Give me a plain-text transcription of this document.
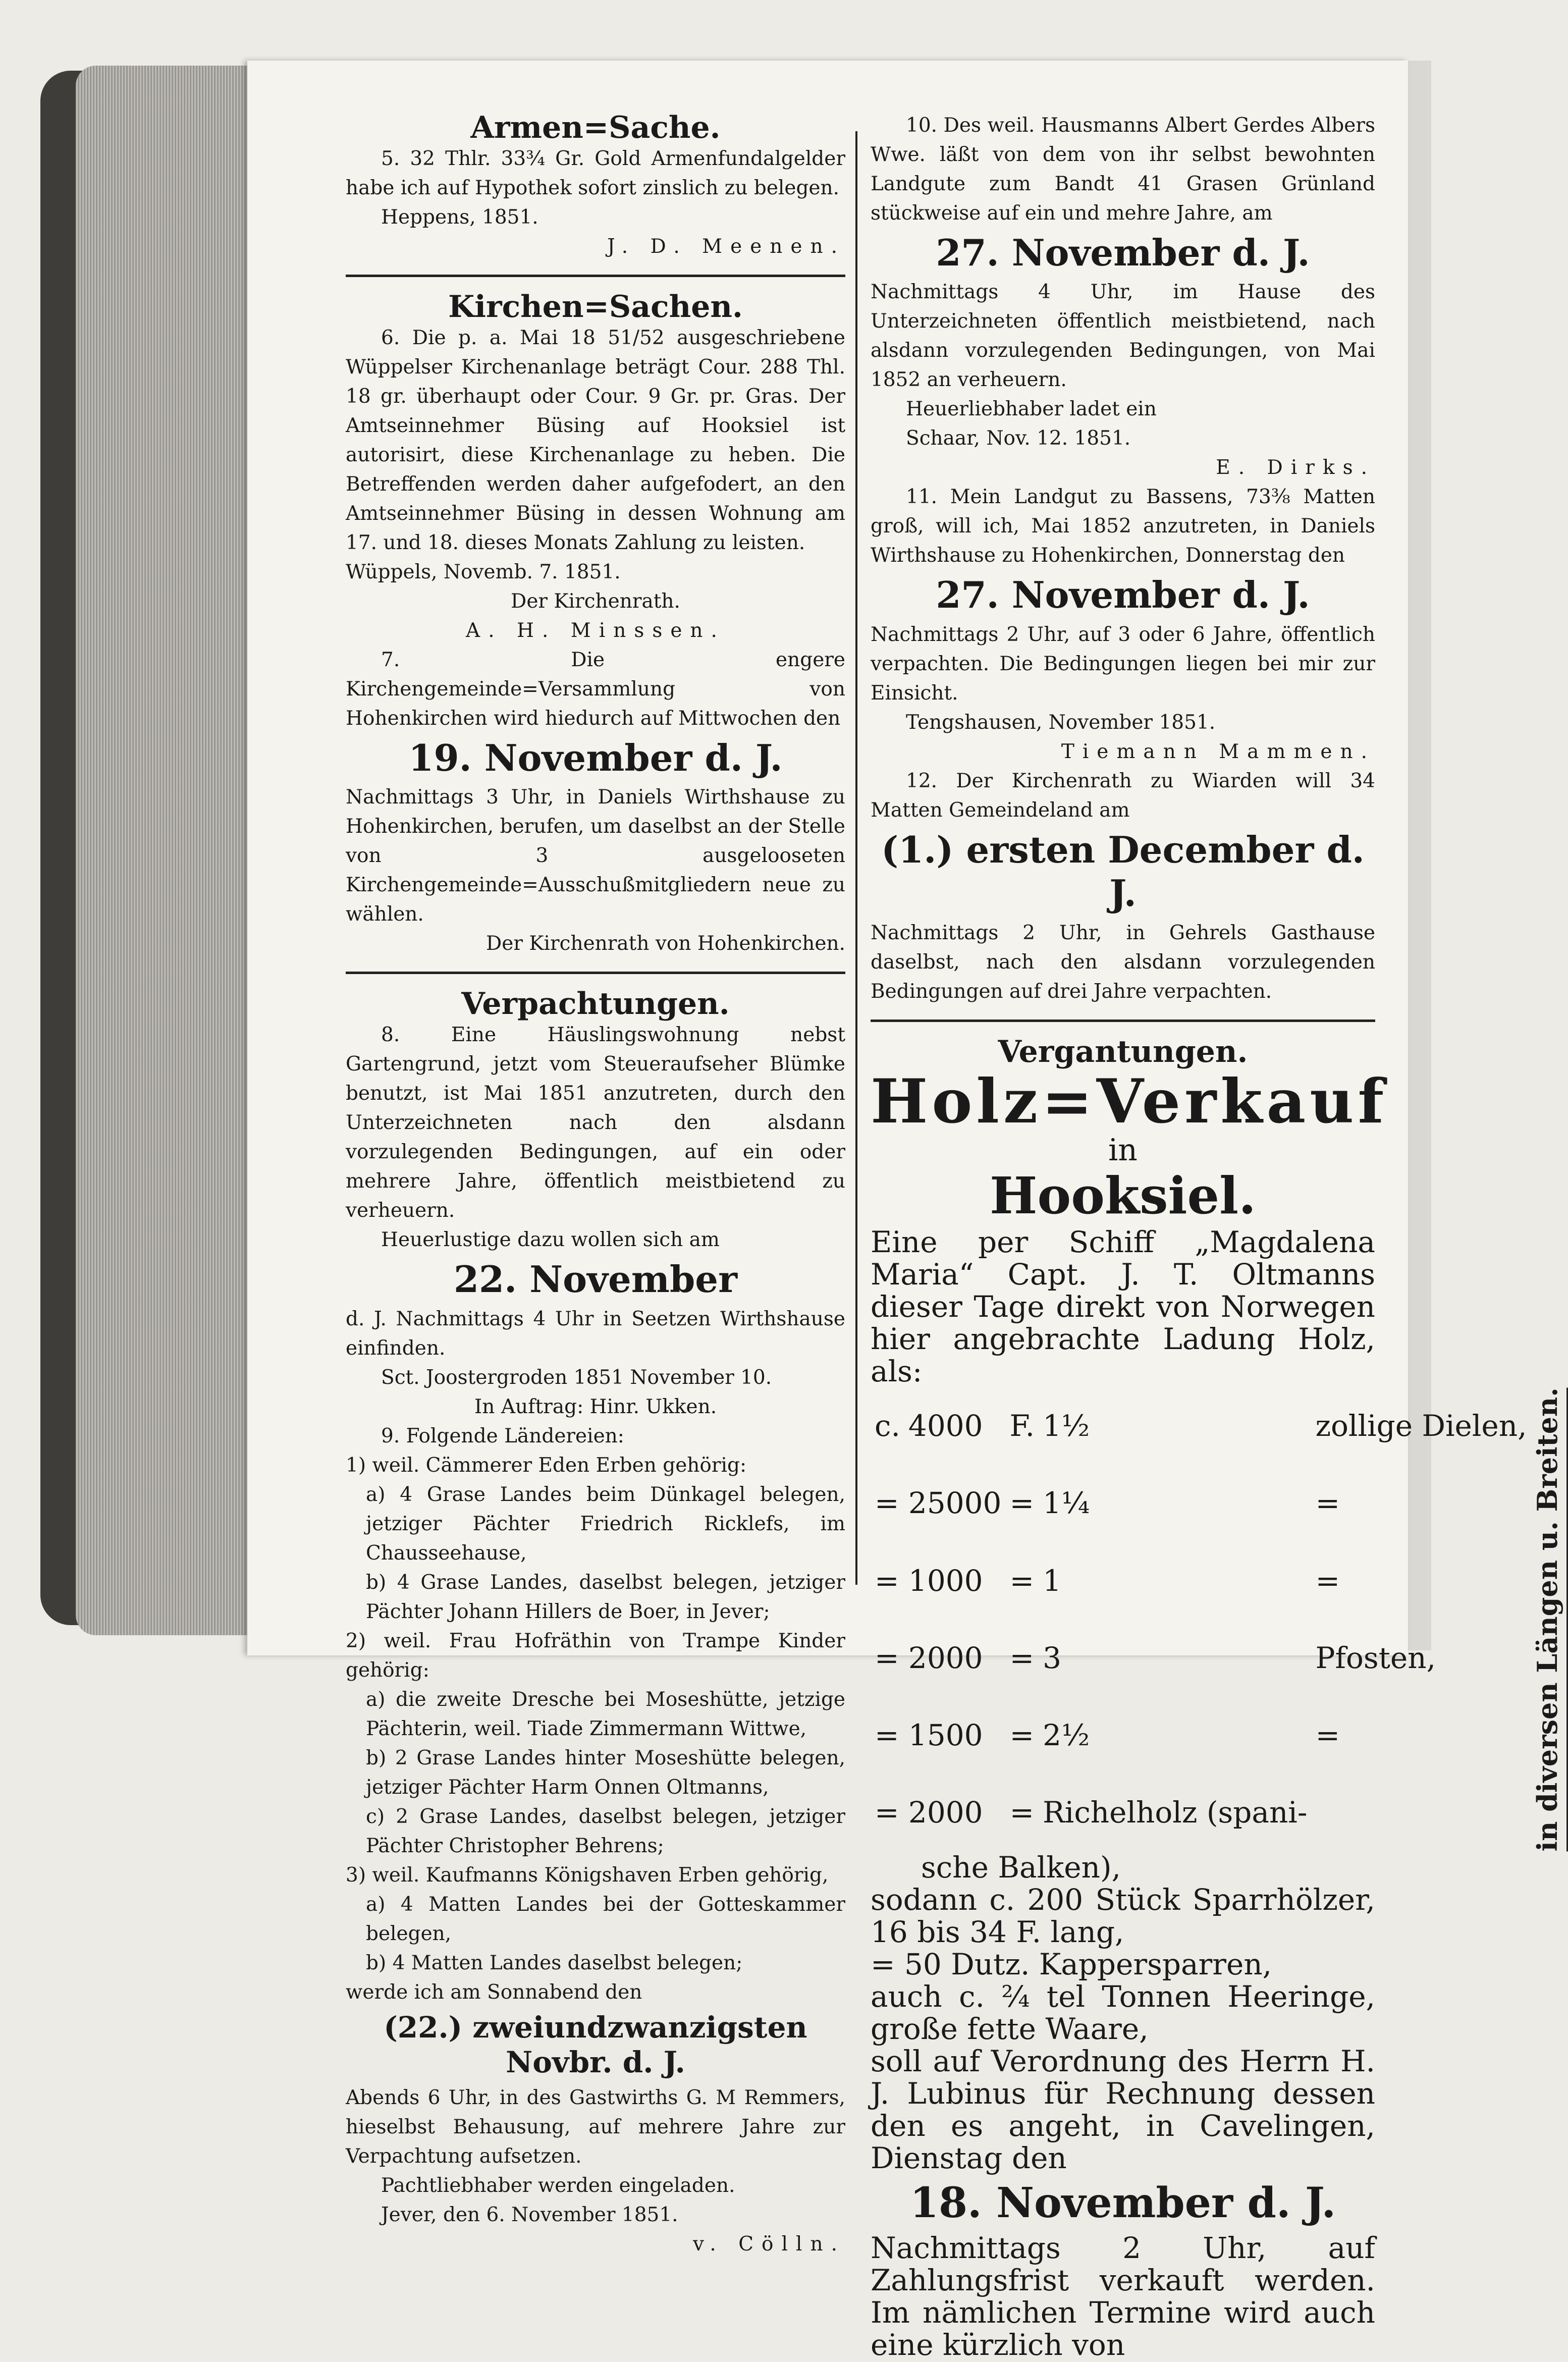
Armen=Sache.

5. 32 Thlr. 33¾ Gr. Gold Armenfundalgelder habe ich auf Hypothek sofort zinslich zu belegen.

Heppens, 1851.

J. D. Meenen.

Kirchen=Sachen.

6. Die p. a. Mai 18 51/52 ausgeschriebene Wüppelser Kirchenanlage beträgt Cour. 288 Thl. 18 gr. überhaupt oder Cour. 9 Gr. pr. Gras. Der Amtseinnehmer Büsing auf Hooksiel ist autorisirt, diese Kirchenanlage zu heben. Die Betreffenden werden daher aufgefodert, an den Amtseinnehmer Büsing in dessen Wohnung am 17. und 18. dieses Monats Zahlung zu leisten.

Wüppels, Novemb. 7. 1851.

Der Kirchenrath.

A. H. Minssen.

7. Die engere Kirchengemeinde=Versammlung von Hohenkirchen wird hiedurch auf Mittwochen den

19. November d. J.

Nachmittags 3 Uhr, in Daniels Wirthshause zu Hohenkirchen, berufen, um daselbst an der Stelle von 3 ausgelooseten Kirchengemeinde=Ausschußmitgliedern neue zu wählen.

Der Kirchenrath von Hohenkirchen.

Verpachtungen.

8. Eine Häuslingswohnung nebst Gartengrund, jetzt vom Steueraufseher Blümke benutzt, ist Mai 1851 anzutreten, durch den Unterzeichneten nach den alsdann vorzulegenden Bedingungen, auf ein oder mehrere Jahre, öffentlich meistbietend zu verheuern.

Heuerlustige dazu wollen sich am

22. November

d. J. Nachmittags 4 Uhr in Seetzen Wirthshause einfinden.

Sct. Joostergroden 1851 November 10.

In Auftrag: Hinr. Ukken.

9. Folgende Ländereien:

1) weil. Cämmerer Eden Erben gehörig:

a) 4 Grase Landes beim Dünkagel belegen, jetziger Pächter Friedrich Ricklefs, im Chausseehause,

b) 4 Grase Landes, daselbst belegen, jetziger Pächter Johann Hillers de Boer, in Jever;

2) weil. Frau Hofräthin von Trampe Kinder gehörig:

a) die zweite Dresche bei Moseshütte, jetzige Pächterin, weil. Tiade Zimmermann Wittwe,

b) 2 Grase Landes hinter Moseshütte belegen, jetziger Pächter Harm Onnen Oltmanns,

c) 2 Grase Landes, daselbst belegen, jetziger Pächter Christopher Behrens;

3) weil. Kaufmanns Königshaven Erben gehörig,

a) 4 Matten Landes bei der Gotteskammer belegen,

b) 4 Matten Landes daselbst belegen;

werde ich am Sonnabend den

(22.) zweiundzwanzigsten Novbr. d. J.

Abends 6 Uhr, in des Gastwirths G. M Remmers, hieselbst Behausung, auf mehrere Jahre zur Verpachtung aufsetzen.

Pachtliebhaber werden eingeladen.

Jever, den 6. November 1851.

v. Cölln.

10. Des weil. Hausmanns Albert Gerdes Albers Wwe. läßt von dem von ihr selbst bewohnten Landgute zum Bandt 41 Grasen Grünland stückweise auf ein und mehre Jahre, am

27. November d. J.

Nachmittags 4 Uhr, im Hause des Unterzeichneten öffentlich meistbietend, nach alsdann vorzulegenden Bedingungen, von Mai 1852 an verheuern.

Heuerliebhaber ladet ein

Schaar, Nov. 12. 1851.

E. Dirks.

11. Mein Landgut zu Bassens, 73⅜ Matten groß, will ich, Mai 1852 anzutreten, in Daniels Wirthshause zu Hohenkirchen, Donnerstag den

27. November d. J.

Nachmittags 2 Uhr, auf 3 oder 6 Jahre, öffentlich verpachten. Die Bedingungen liegen bei mir zur Einsicht.

Tengshausen, November 1851.

Tiemann Mammen.

12. Der Kirchenrath zu Wiarden will 34 Matten Gemeindeland am

(1.) ersten December d. J.

Nachmittags 2 Uhr, in Gehrels Gasthause daselbst, nach den alsdann vorzulegenden Bedingungen auf drei Jahre verpachten.

Vergantungen.
Holz=Verkauf
in
Hooksiel.

Eine per Schiff „Magdalena Maria“ Capt. J. T. Oltmanns dieser Tage direkt von Norwegen hier angebrachte Ladung Holz, als:

c.	4000	F.	1½	zollige Dielen,
=	25000	=	1¼	=
=	1000	=	1	=
=	2000	=	3	Pfosten,
=	1500	=	2½	=
=	2000	=	Richelholz (spani-		in diversen Längen u. Breiten.

sche Balken),

sodann c. 200 Stück Sparrhölzer, 16 bis 34 F. lang,

= 50 Dutz. Kappersparren,

auch c. ²⁄₄ tel Tonnen Heeringe, große fette Waare,

soll auf Verordnung des Herrn H. J. Lubinus für Rechnung dessen den es angeht, in Cavelingen, Dienstag den

18. November d. J.

Nachmittags 2 Uhr, auf Zahlungsfrist verkauft werden. Im nämlichen Termine wird auch eine kürzlich von
